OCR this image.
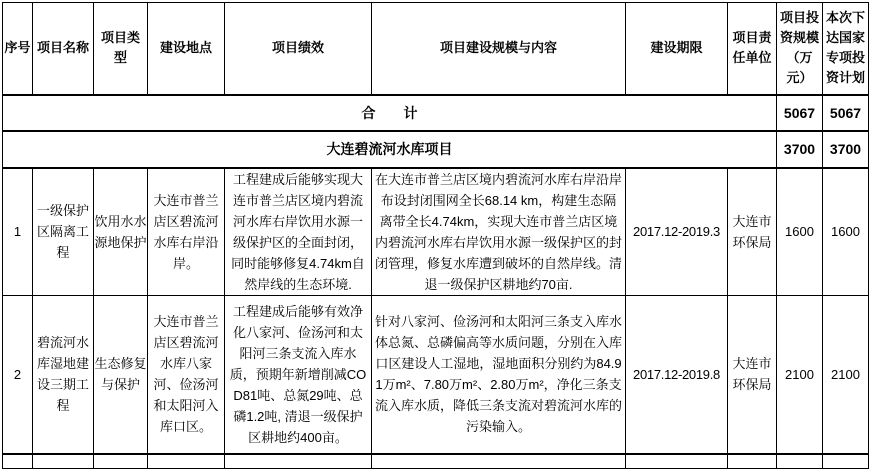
序号	项目名称	项目类型	建设地点	项目绩效	项目建设规模与内容	建设期限	项目责任单位	项目投资规模（万元）	本次下达国家专项投资计划
合　　计								5067	5067
大连碧流河水库项目								3700	3700
1	一级保护区隔离工程	饮用水水源地保护	大连市普兰店区碧流河水库右岸沿岸。	工程建成后能够实现大连市普兰店区境内碧流河水库右岸饮用水源一级保护区的全面封闭，同时能够修复4.74km自然岸线的生态环境.	在大连市普兰店区境内碧流河水库右岸沿岸布设封闭围网全长68.14 km，构建生态隔离带全长4.74km，实现大连市普兰店区境内碧流河水库右岸饮用水源一级保护区的封闭管理，修复水库遭到破坏的自然岸线。清退一级保护区耕地约70亩.	2017.12-2019.3	大连市环保局	1600	1600
2	碧流河水库湿地建设三期工程	生态修复与保护	大连市普兰店区碧流河水库八家河、俭汤河和太阳河入库口区。	工程建成后能够有效净化八家河、俭汤河和太阳河三条支流入库水质，预期年新增削减COD81吨、总氮29吨、总磷1.2吨, 清退一级保护区耕地约400亩。	针对八家河、俭汤河和太阳河三条支入库水体总氮、总磷偏高等水质问题，分别在入库口区建设人工湿地，湿地面积分别约为84.91万m²、7.80万m²、2.80万m²，净化三条支流入库水质，降低三条支流对碧流河水库的污染输入。	2017.12-2019.8	大连市环保局	2100	2100
